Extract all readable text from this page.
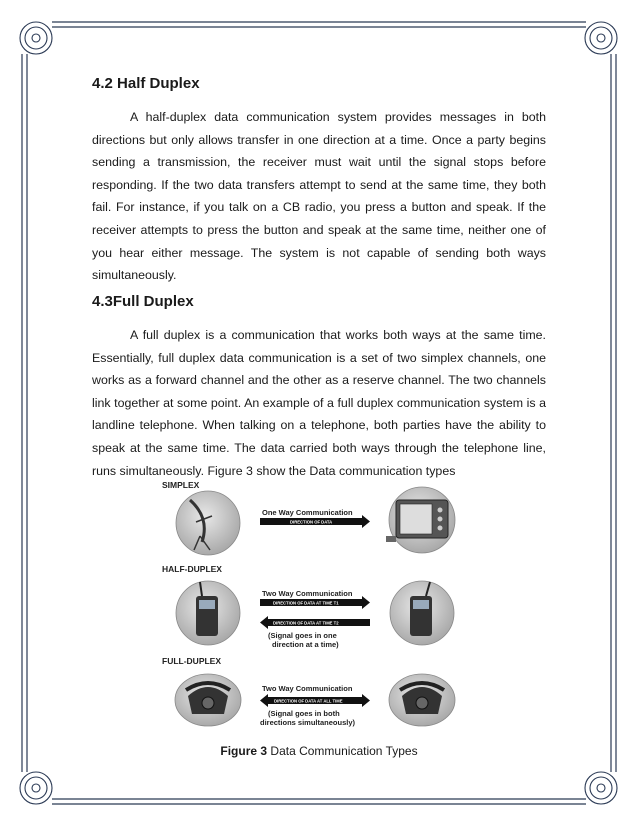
4.2 Half Duplex

A half-duplex data communication system provides messages in both directions but only allows transfer in one direction at a time. Once a party begins sending a transmission, the receiver must wait until the signal stops before responding. If the two data transfers attempt to send at the same time, they both fail. For instance, if you talk on a CB radio, you press a button and speak. If the receiver attempts to press the button and speak at the same time, neither one of you hear either message. The system is not capable of sending both ways simultaneously.

4.3Full Duplex

A full duplex is a communication that works both ways at the same time. Essentially, full duplex data communication is a set of two simplex channels, one works as a forward channel and the other as a reserve channel. The two channels link together at some point. An example of a full duplex communication system is a landline telephone. When talking on a telephone, both parties have the ability to speak at the same time. The data carried both ways through the telephone line, runs simultaneously. Figure 3 show the Data communication types

SIMPLEX
One Way Communication
DIRECTION OF DATA
HALF-DUPLEX
Two Way Communication
DIRECTION OF DATA AT TIME T1
DIRECTION OF DATA AT TIME T2
(Signal goes in one
direction at a time)
FULL-DUPLEX
Two Way Communication
DIRECTION OF DATA AT ALL TIME
(Signal goes in both
directions simultaneously)
Figure 3 Data Communication Types
